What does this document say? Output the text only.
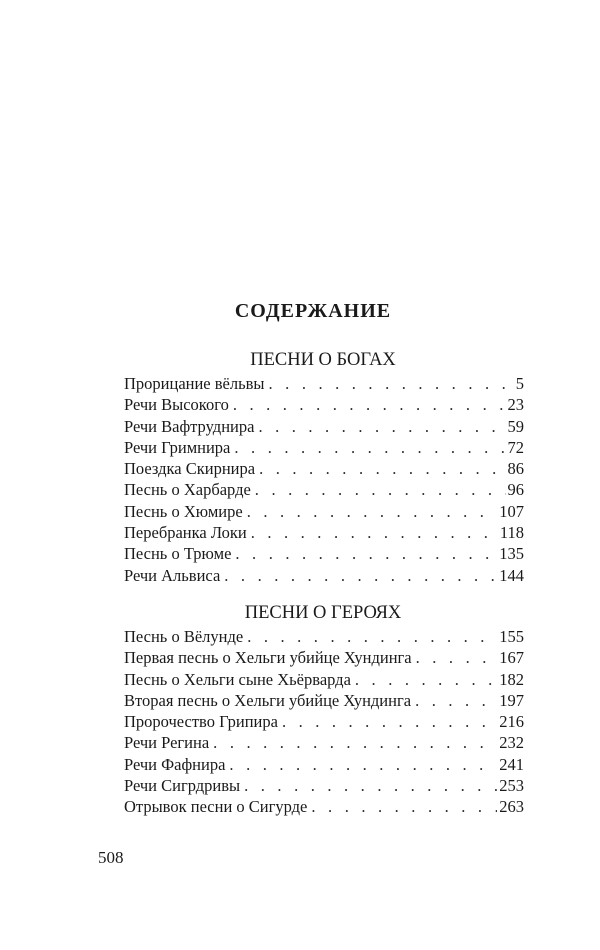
СОДЕРЖАНИЕ
ПЕСНИ О БОГАХ
Прорицание вёльвы . . .	5
Речи Высокого . . .	23
Речи Вафтруднира . . .	59
Речи Гримнира . . .	72
Поездка Скирнира . . .	86
Песнь о Харбарде . . .	96
Песнь о Хюмире . . .	107
Перебранка Локи . . .	118
Песнь о Трюме . . .	135
Речи Альвиса . . .	144
ПЕСНИ О ГЕРОЯХ
Песнь о Вёлунде . . .	155
Первая песнь о Хельги убийце Хундинга . . .	167
Песнь о Хельги сыне Хьёрварда . . .	182
Вторая песнь о Хельги убийце Хундинга . . .	197
Пророчество Грипира . . .	216
Речи Регина . . .	232
Речи Фафнира . . .	241
Речи Сигрдривы . . .	253
Отрывок песни о Сигурде . . .	263

508
